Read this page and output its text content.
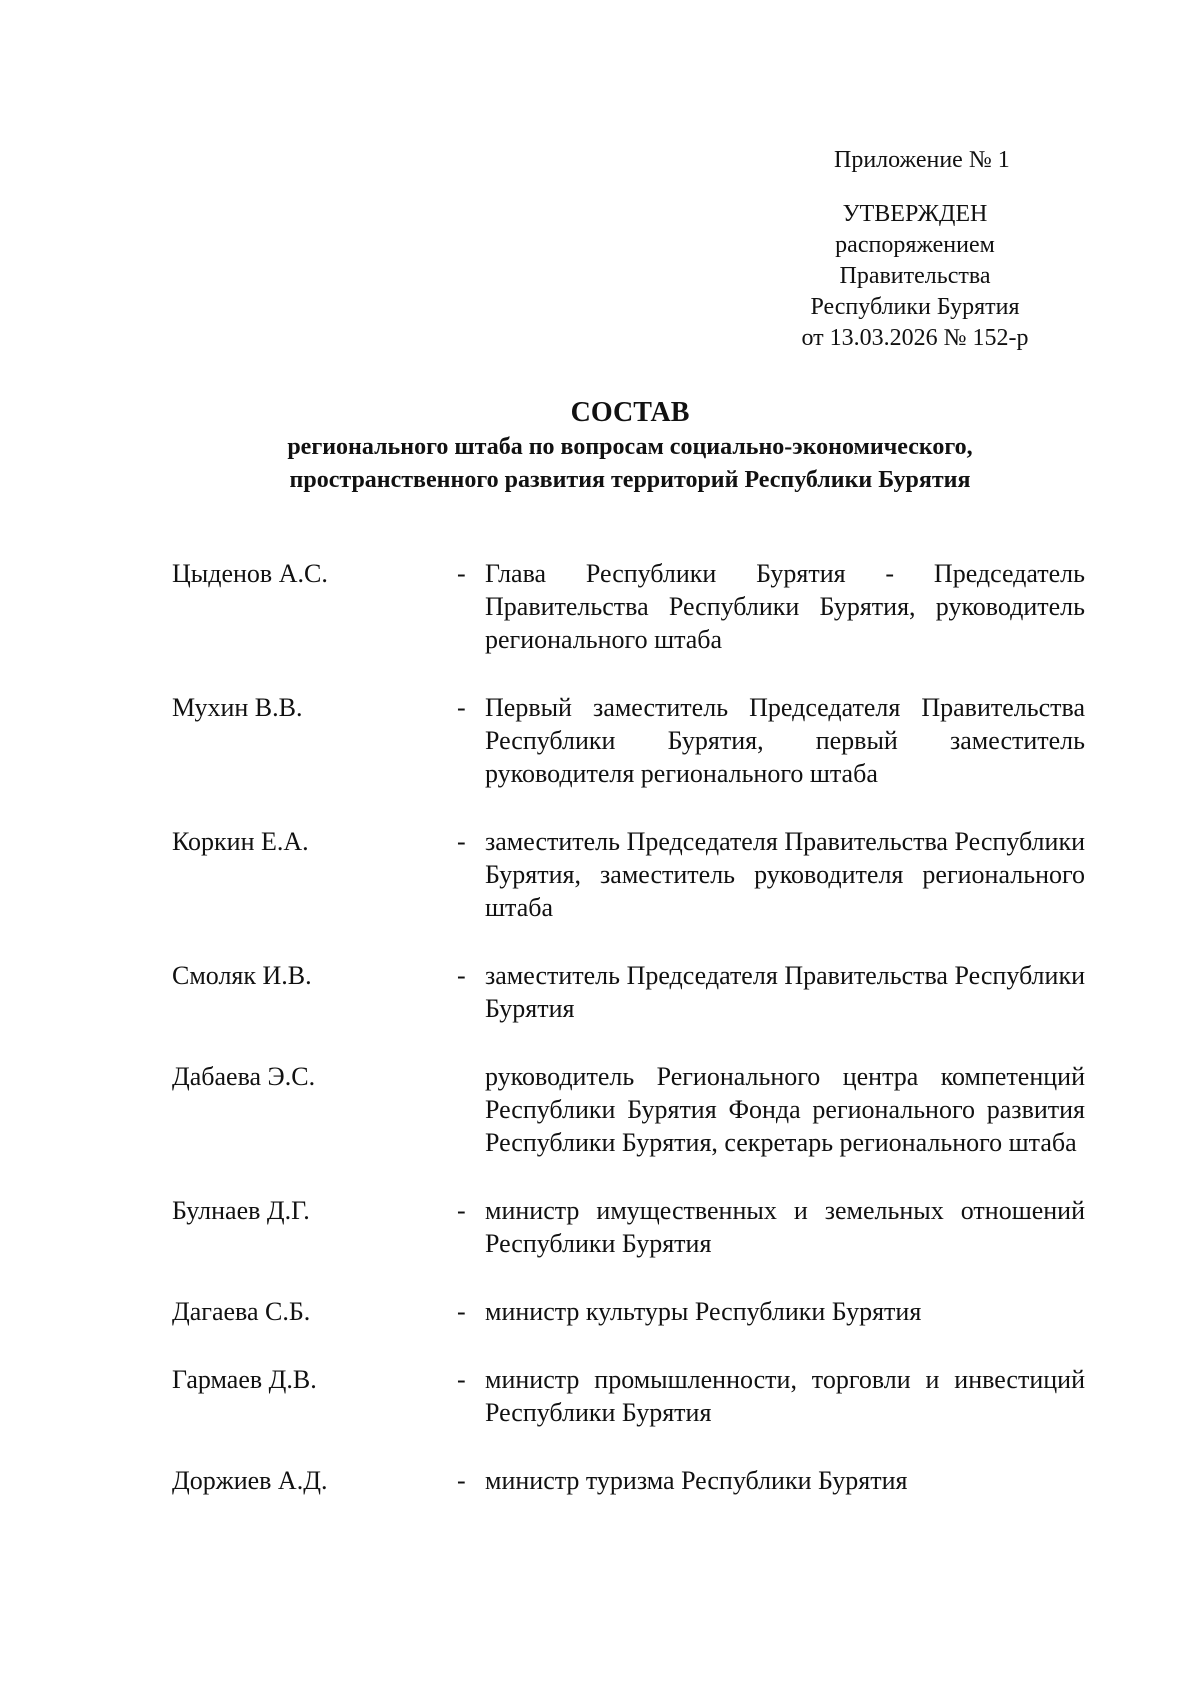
Приложение № 1
УТВЕРЖДЕН
распоряжением Правительства
Республики Бурятия
от 13.03.2026 № 152-р
СОСТАВ
регионального штаба по вопросам социально-экономического,
пространственного развития территорий Республики Бурятия
Цыденов А.С.	- Глава Республики Бурятия - Председатель Правительства Республики Бурятия, руководитель регионального штаба
Мухин В.В.	- Первый заместитель Председателя Правительства Республики Бурятия, первый заместитель руководителя регионального штаба
Коркин Е.А.	- заместитель Председателя Правительства Республики Бурятия, заместитель руководителя регионального штаба
Смоляк И.В.	- заместитель Председателя Правительства Республики Бурятия
Дабаева Э.С.	руководитель Регионального центра компетенций Республики Бурятия Фонда регионального развития Республики Бурятия, секретарь регионального штаба
Булнаев Д.Г.	- министр имущественных и земельных отношений Республики Бурятия
Дагаева С.Б.	- министр культуры Республики Бурятия
Гармаев Д.В.	- министр промышленности, торговли и инвестиций Республики Бурятия
Доржиев А.Д.	- министр туризма Республики Бурятия
